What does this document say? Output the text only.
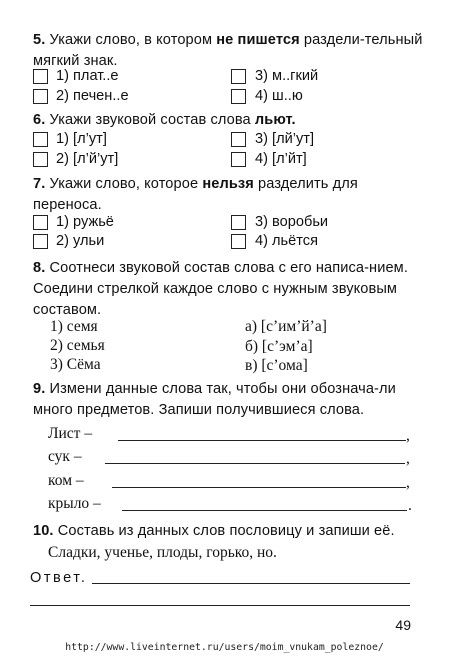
5. Укажи слово, в котором не пишется раздели-тельный мягкий знак.
1) плат..е
2) печен..е
3) м..гкий
4) ш..ю
6. Укажи звуковой состав слова льют.
1) [л’ут]
2) [л’й’ут]
3) [лй’ут]
4) [л’йт]
7. Укажи слово, которое нельзя разделить для переноса.
1) ружьё
2) ульи
3) воробьи
4) льётся
8. Соотнеси звуковой состав слова с его написа-нием. Соедини стрелкой каждое слово с нужным звуковым составом.
1) семя
2) семья
3) Сёма
а) [с’им’й’а]
б) [с’эм’а]
в) [с’ома]
9. Измени данные слова так, чтобы они обознача-ли много предметов. Запиши получившиеся слова.
Лист –	,
сук –	,
ком –	,
крыло –	.
10. Составь из данных слов пословицу и запиши её.
Сладки, ученье, плоды, горько, но.
Ответ.
49
http://www.liveinternet.ru/users/moim_vnukam_poleznoe/
